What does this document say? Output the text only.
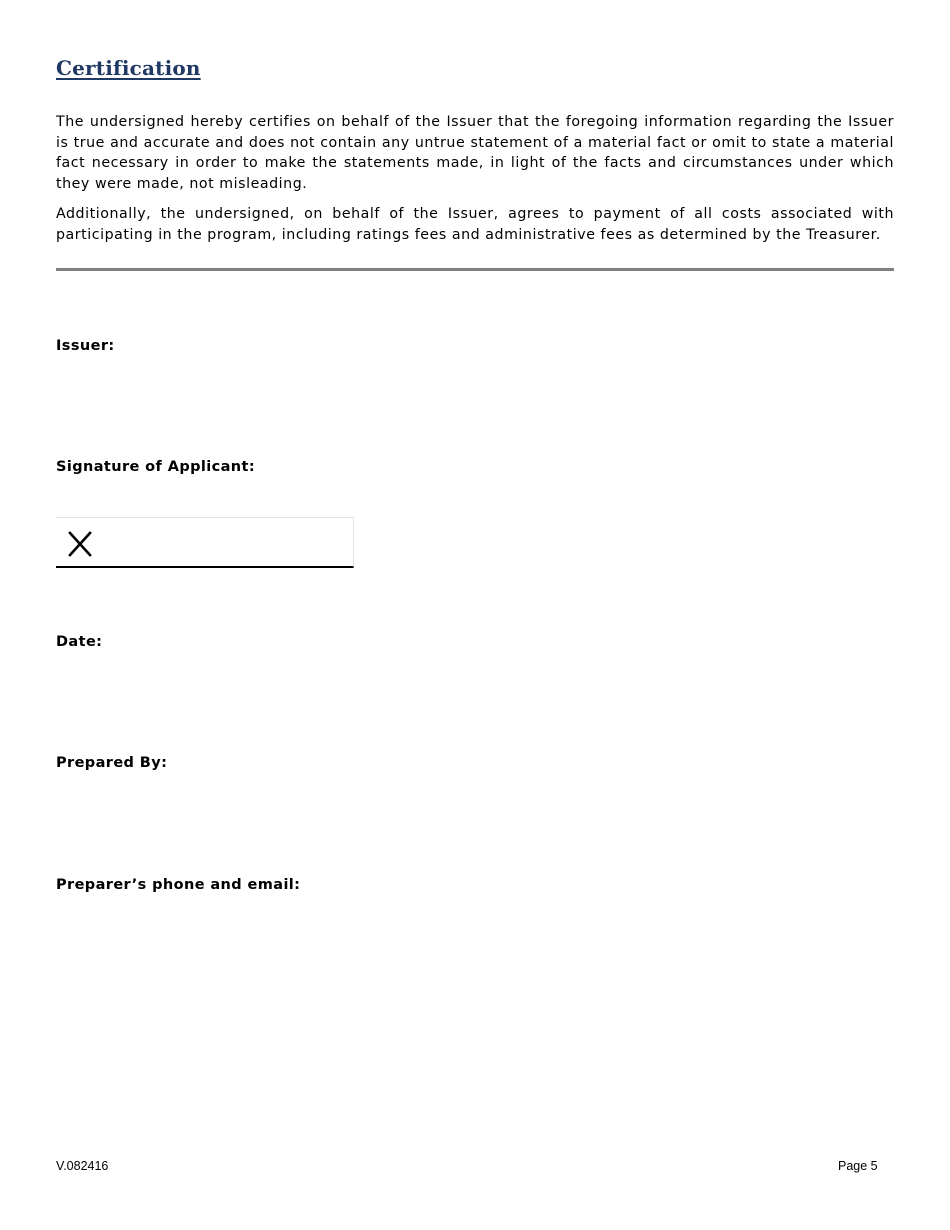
Certification
The undersigned hereby certifies on behalf of the Issuer that the foregoing information regarding the Issuer is true and accurate and does not contain any untrue statement of a material fact or omit to state a material fact necessary in order to make the statements made, in light of the facts and circumstances under which they were made, not misleading.
Additionally, the undersigned, on behalf of the Issuer, agrees to payment of all costs associated with participating in the program, including ratings fees and administrative fees as determined by the Treasurer.
Issuer:
Signature of Applicant:
Date:
Prepared By:
Preparer’s phone and email:
V.082416	Page 5
